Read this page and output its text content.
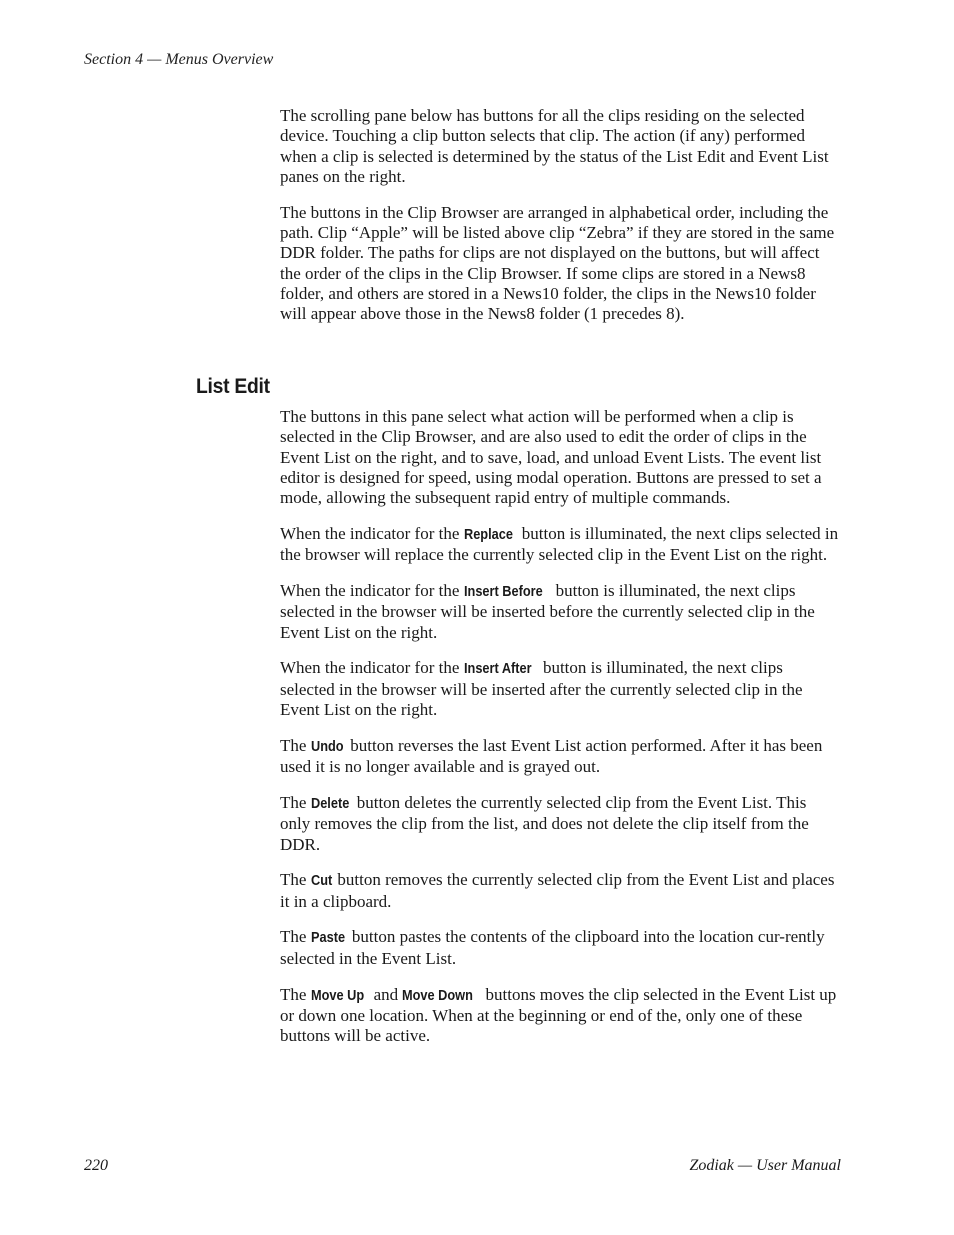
Section 4 — Menus Overview

The scrolling pane below has buttons for all the clips residing on the selected device. Touching a clip button selects that clip. The action (if any) performed when a clip is selected is determined by the status of the List Edit and Event List panes on the right.

The buttons in the Clip Browser are arranged in alphabetical order, including the path. Clip “Apple” will be listed above clip “Zebra” if they are stored in the same DDR folder. The paths for clips are not displayed on the buttons, but will affect the order of the clips in the Clip Browser. If some clips are stored in a News8 folder, and others are stored in a News10 folder, the clips in the News10 folder will appear above those in the News8 folder (1 precedes 8).

List Edit

The buttons in this pane select what action will be performed when a clip is selected in the Clip Browser, and are also used to edit the order of clips in the Event List on the right, and to save, load, and unload Event Lists. The event list editor is designed for speed, using modal operation. Buttons are pressed to set a mode, allowing the subsequent rapid entry of multiple commands.

When the indicator for the Replace button is illuminated, the next clips selected in the browser will replace the currently selected clip in the Event List on the right.

When the indicator for the Insert Before button is illuminated, the next clips selected in the browser will be inserted before the currently selected clip in the Event List on the right.

When the indicator for the Insert After button is illuminated, the next clips selected in the browser will be inserted after the currently selected clip in the Event List on the right.

The Undo button reverses the last Event List action performed. After it has been used it is no longer available and is grayed out.

The Delete button deletes the currently selected clip from the Event List. This only removes the clip from the list, and does not delete the clip itself from the DDR.

The Cut button removes the currently selected clip from the Event List and places it in a clipboard.

The Paste button pastes the contents of the clipboard into the location cur-rently selected in the Event List.

The Move Up and Move Down buttons moves the clip selected in the Event List up or down one location. When at the beginning or end of the, only one of these buttons will be active.

220	Zodiak — User Manual
